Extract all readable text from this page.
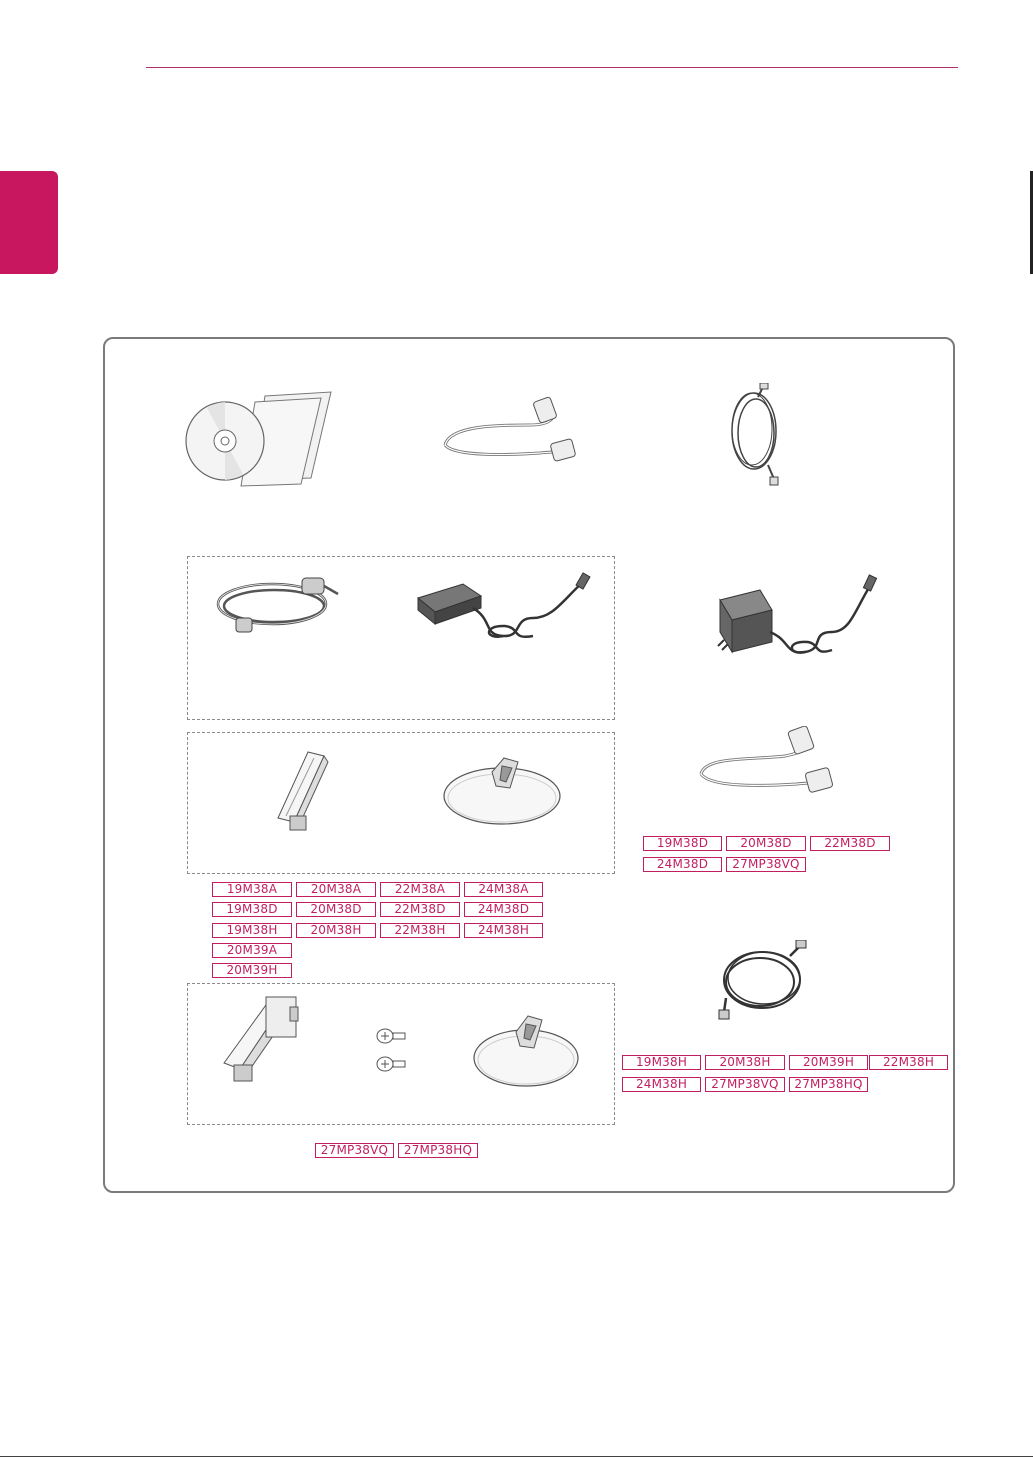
19M38D	20M38D	22M38D
24M38D	27MP38VQ
19M38A	20M38A	22M38A	24M38A
19M38D	20M38D	22M38D	24M38D
19M38H	20M38H	22M38H	24M38H
20M39A
20M39H
19M38H	20M38H	20M39H	22M38H
24M38H	27MP38VQ	27MP38HQ
27MP38VQ	27MP38HQ
